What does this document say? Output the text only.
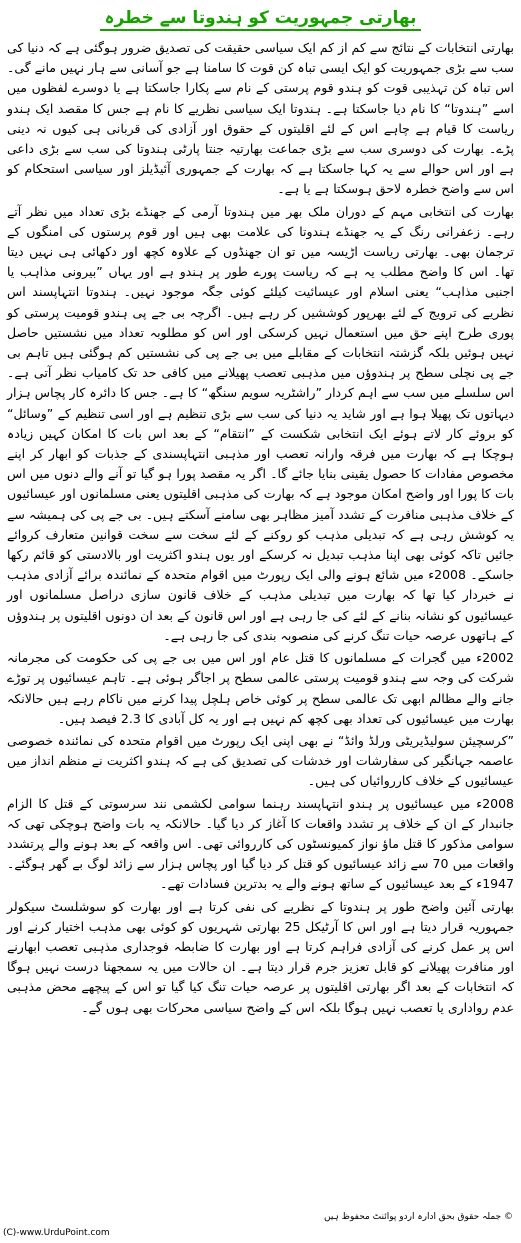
بھارتی جمہوریت کو ہندوتا سے خطرہ

بھارتی انتخابات کے نتائج سے کم از کم ایک سیاسی حقیقت کی تصدیق ضرور ہوگئی ہے کہ دنیا کی سب سے بڑی جمہوریت کو ایک ایسی تباہ کن قوت کا سامنا ہے جو آسانی سے ہار نہیں مانے گی۔ اس تباہ کن تہذیبی قوت کو ہندو قوم پرستی کے نام سے پکارا جاسکتا ہے یا دوسرے لفظوں میں اسے ”ہندوتا“ کا نام دیا جاسکتا ہے۔ ہندوتا ایک سیاسی نظریے کا نام ہے جس کا مقصد ایک ہندو ریاست کا قیام ہے چاہے اس کے لئے اقلیتوں کے حقوق اور آزادی کی قربانی ہی کیوں نہ دینی پڑے۔ بھارت کی دوسری سب سے بڑی جماعت بھارتیہ جنتا پارٹی ہندوتا کی سب سے بڑی داعی ہے اور اس حوالے سے یہ کہا جاسکتا ہے کہ بھارت کے جمہوری آئیڈیلز اور سیاسی استحکام کو اس سے واضح خطرہ لاحق ہوسکتا ہے یا ہے۔

بھارت کی انتخابی مہم کے دوران ملک بھر میں ہندوتا آرمی کے جھنڈے بڑی تعداد میں نظر آتے رہے۔ زعفرانی رنگ کے یہ جھنڈے ہندوتا کی علامت بھی ہیں اور قوم پرستوں کی امنگوں کے ترجمان بھی۔ بھارتی ریاست اڑیسہ میں تو ان جھنڈوں کے علاوہ کچھ اور دکھائی ہی نہیں دیتا تھا۔ اس کا واضح مطلب یہ ہے کہ ریاست پورے طور پر ہندو ہے اور یہاں ”بیرونی مذاہب یا اجنبی مذاہب“ یعنی اسلام اور عیسائیت کیلئے کوئی جگہ موجود نہیں۔ ہندوتا انتہاپسند اس نظریے کی ترویج کے لئے بھرپور کوششیں کر رہے ہیں۔ اگرچہ بی جے پی ہندو قومیت پرستی کو پوری طرح اپنے حق میں استعمال نہیں کرسکی اور اس کو مطلوبہ تعداد میں نشستیں حاصل نہیں ہوئیں بلکہ گزشتہ انتخابات کے مقابلے میں بی جے پی کی نشستیں کم ہوگئی ہیں تاہم بی جے پی نچلی سطح پر ہندوؤں میں مذہبی تعصب پھیلانے میں کافی حد تک کامیاب نظر آتی ہے۔ اس سلسلے میں سب سے اہم کردار ”راشٹریہ سویم سنگھ“ کا ہے۔ جس کا دائرہ کار پچاس ہزار دیہاتوں تک پھیلا ہوا ہے اور شاید یہ دنیا کی سب سے بڑی تنظیم ہے اور اسی تنظیم کے ”وسائل“ کو بروئے کار لاتے ہوئے ایک انتخابی شکست کے ”انتقام“ کے بعد اس بات کا امکان کہیں زیادہ ہوچکا ہے کہ بھارت میں فرقہ وارانہ تعصب اور مذہبی انتہاپسندی کے جذبات کو ابھار کر اپنے مخصوص مفادات کا حصول یقینی بنایا جائے گا۔ اگر یہ مقصد پورا ہو گیا تو آنے والے دنوں میں اس بات کا پورا اور واضح امکان موجود ہے کہ بھارت کی مذہبی اقلیتوں یعنی مسلمانوں اور عیسائیوں کے خلاف مذہبی منافرت کے تشدد آمیز مظاہر بھی سامنے آسکتے ہیں۔ بی جے پی کی ہمیشہ سے یہ کوشش رہی ہے کہ تبدیلی مذہب کو روکنے کے لئے سخت سے سخت قوانین متعارف کروائے جائیں تاکہ کوئی بھی اپنا مذہب تبدیل نہ کرسکے اور یوں ہندو اکثریت اور بالادستی کو قائم رکھا جاسکے۔ 2008ء میں شائع ہونے والی ایک رپورٹ میں اقوام متحدہ کے نمائندہ برائے آزادی مذہب نے خبردار کیا تھا کہ بھارت میں تبدیلی مذہب کے خلاف قانون سازی دراصل مسلمانوں اور عیسائیوں کو نشانہ بنانے کے لئے کی جا رہی ہے اور اس قانون کے بعد ان دونوں اقلیتوں پر ہندوؤں کے ہاتھوں عرصہ حیات تنگ کرنے کی منصوبہ بندی کی جا رہی ہے۔

2002ء میں گجرات کے مسلمانوں کا قتل عام اور اس میں بی جے پی کی حکومت کی مجرمانہ شرکت کی وجہ سے ہندو قومیت پرستی عالمی سطح پر اجاگر ہوئی ہے۔ تاہم عیسائیوں پر توڑے جانے والے مظالم ابھی تک عالمی سطح پر کوئی خاص ہلچل پیدا کرنے میں ناکام رہے ہیں حالانکہ بھارت میں عیسائیوں کی تعداد بھی کچھ کم نہیں ہے اور یہ کل آبادی کا 2.3 فیصد ہیں۔

”کرسچیئن سولیڈیریٹی ورلڈ وائڈ“ نے بھی اپنی ایک رپورٹ میں اقوام متحدہ کی نمائندہ خصوصی عاصمہ جہانگیر کی سفارشات اور خدشات کی تصدیق کی ہے کہ ہندو اکثریت نے منظم انداز میں عیسائیوں کے خلاف کارروائیاں کی ہیں۔

2008ء میں عیسائیوں پر ہندو انتہاپسند رہنما سوامی لکشمی نند سرسوتی کے قتل کا الزام جانبدار کے ان کے خلاف پر تشدد واقعات کا آغاز کر دیا گیا۔ حالانکہ یہ بات واضح ہوچکی تھی کہ سوامی مذکور کا قتل ماؤ نواز کمیونسٹوں کی کارروائی تھی۔ اس واقعہ کے بعد ہونے والے پرتشدد واقعات میں 70 سے زائد عیسائیوں کو قتل کر دیا گیا اور پچاس ہزار سے زائد لوگ بے گھر ہوگئے۔ 1947ء کے بعد عیسائیوں کے ساتھ ہونے والے یہ بدترین فسادات تھے۔

بھارتی آئین واضح طور پر ہندوتا کے نظریے کی نفی کرتا ہے اور بھارت کو سوشلسٹ سیکولر جمہوریہ قرار دیتا ہے اور اس کا آرٹیکل 25 بھارتی شہریوں کو کوئی بھی مذہب اختیار کرنے اور اس پر عمل کرنے کی آزادی فراہم کرتا ہے اور بھارت کا ضابطہ فوجداری مذہبی تعصب ابھارنے اور منافرت پھیلانے کو قابل تعزیز جرم قرار دیتا ہے۔ ان حالات میں یہ سمجھنا درست نہیں ہوگا کہ انتخابات کے بعد اگر بھارتی اقلیتوں پر عرصہ حیات تنگ کیا گیا تو اس کے پیچھے محض مذہبی عدم رواداری یا تعصب نہیں ہوگا بلکہ اس کے واضح سیاسی محرکات بھی ہوں گے۔

© جملہ حقوق بحق ادارہ اردو پوائنٹ محفوظ ہیں
(C)-www.UrduPoint.com
